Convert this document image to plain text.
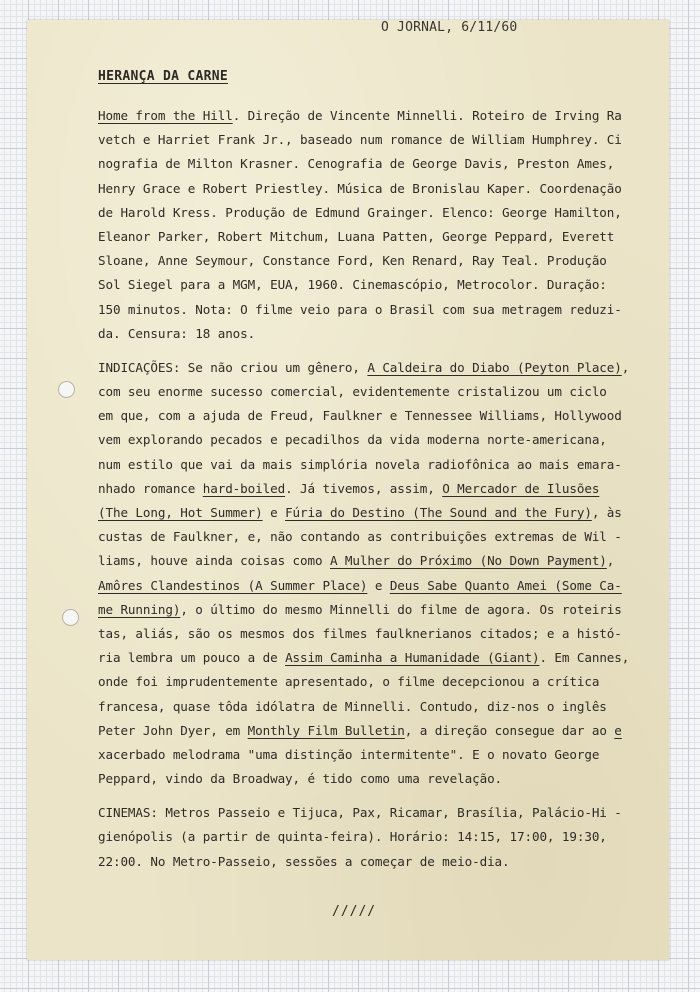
O JORNAL, 6/11/60
HERANÇA DA CARNE
Home from the Hill. Direção de Vincente Minnelli. Roteiro de Irving Ra
vetch e Harriet Frank Jr., baseado num romance de William Humphrey. Ci
nografia de Milton Krasner. Cenografia de George Davis, Preston Ames,
Henry Grace e Robert Priestley. Música de Bronislau Kaper. Coordenação
de Harold Kress. Produção de Edmund Grainger. Elenco: George Hamilton,
Eleanor Parker, Robert Mitchum, Luana Patten, George Peppard, Everett
Sloane, Anne Seymour, Constance Ford, Ken Renard, Ray Teal. Produção
Sol Siegel para a MGM, EUA, 1960. Cinemascópio, Metrocolor. Duração:
150 minutos. Nota: O filme veio para o Brasil com sua metragem reduzi-
da. Censura: 18 anos.
INDICAÇÕES: Se não criou um gênero, A Caldeira do Diabo (Peyton Place),
com seu enorme sucesso comercial, evidentemente cristalizou um ciclo
em que, com a ajuda de Freud, Faulkner e Tennessee Williams, Hollywood
vem explorando pecados e pecadilhos da vida moderna norte-americana,
num estilo que vai da mais simplória novela radiofônica ao mais emara-
nhado romance hard-boiled. Já tivemos, assim, O Mercador de Ilusões
(The Long, Hot Summer) e Fúria do Destino (The Sound and the Fury), às
custas de Faulkner, e, não contando as contribuições extremas de Wil -
liams, houve ainda coisas como A Mulher do Próximo (No Down Payment),
Amôres Clandestinos (A Summer Place) e Deus Sabe Quanto Amei (Some Ca-
me Running), o último do mesmo Minnelli do filme de agora. Os roteiris
tas, aliás, são os mesmos dos filmes faulknerianos citados; e a histó-
ria lembra um pouco a de Assim Caminha a Humanidade (Giant). Em Cannes,
onde foi imprudentemente apresentado, o filme decepcionou a crítica
francesa, quase tôda idólatra de Minnelli. Contudo, diz-nos o inglês
Peter John Dyer, em Monthly Film Bulletin, a direção consegue dar ao e
xacerbado melodrama "uma distinção intermitente". E o novato George
Peppard, vindo da Broadway, é tido como uma revelação.
CINEMAS: Metros Passeio e Tijuca, Pax, Ricamar, Brasília, Palácio-Hi -
gienópolis (a partir de quinta-feira). Horário: 14:15, 17:00, 19:30,
22:00. No Metro-Passeio, sessões a começar de meio-dia.
/////
